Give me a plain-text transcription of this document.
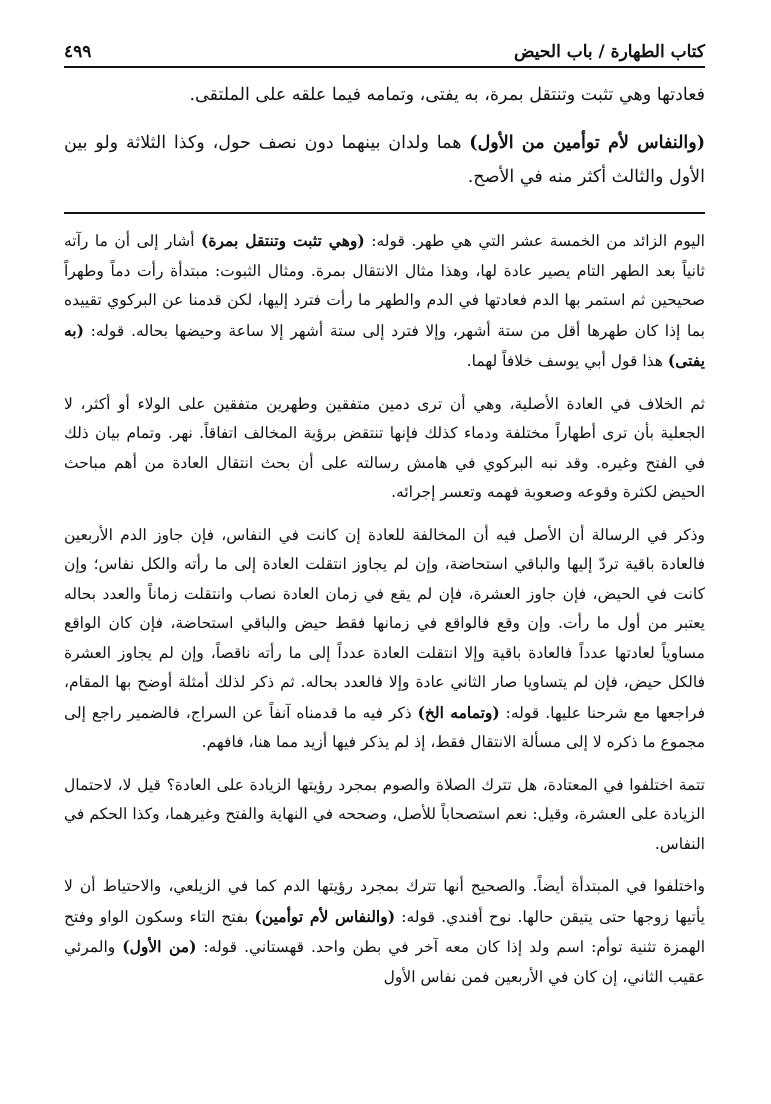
كتاب الطهارة / باب الحيض
٤٩٩

فعادتها وهي تثبت وتنتقل بمرة، به يفتى، وتمامه فيما علقه على الملتقى.

(والنفاس لأم توأمين من الأول) هما ولدان بينهما دون نصف حول، وكذا الثلاثة ولو بين الأول والثالث أكثر منه في الأصح.

اليوم الزائد من الخمسة عشر التي هي طهر. قوله: (وهي تثبت وتنتقل بمرة) أشار إلى أن ما رآته ثانياً بعد الطهر التام يصير عادة لها، وهذا مثال الانتقال بمرة. ومثال الثبوت: مبتدأة رأت دماً وطهراً صحيحين ثم استمر بها الدم فعادتها في الدم والطهر ما رأت فترد إليها، لكن قدمنا عن البركوي تقييده بما إذا كان طهرها أقل من ستة أشهر، وإلا فترد إلى ستة أشهر إلا ساعة وحيضها بحاله. قوله: (به يفتى) هذا قول أبي يوسف خلافاً لهما.

ثم الخلاف في العادة الأصلية، وهي أن ترى دمين متفقين وطهرين متفقين على الولاء أو أكثر، لا الجعلية بأن ترى أطهاراً مختلفة ودماء كذلك فإنها تنتقض برؤية المخالف اتفاقاً. نهر. وتمام بيان ذلك في الفتح وغيره. وقد نبه البركوي في هامش رسالته على أن بحث انتقال العادة من أهم مباحث الحيض لكثرة وقوعه وصعوبة فهمه وتعسر إجرائه.

وذكر في الرسالة أن الأصل فيه أن المخالفة للعادة إن كانت في النفاس، فإن جاوز الدم الأربعين فالعادة باقية تردّ إليها والباقي استحاضة، وإن لم يجاوز انتقلت العادة إلى ما رأته والكل نفاس؛ وإن كانت في الحيض، فإن جاوز العشرة، فإن لم يقع في زمان العادة نصاب وانتقلت زماناً والعدد بحاله يعتبر من أول ما رأت. وإن وقع فالواقع في زمانها فقط حيض والباقي استحاضة، فإن كان الواقع مساوياً لعادتها عدداً فالعادة باقية وإلا انتقلت العادة عدداً إلى ما رأته ناقصاً، وإن لم يجاوز العشرة فالكل حيض، فإن لم يتساويا صار الثاني عادة وإلا فالعدد بحاله. ثم ذكر لذلك أمثلة أوضح بها المقام، فراجعها مع شرحنا عليها. قوله: (وتمامه الخ) ذكر فيه ما قدمناه آنفاً عن السراج، فالضمير راجع إلى مجموع ما ذكره لا إلى مسألة الانتقال فقط، إذ لم يذكر فيها أزيد مما هنا، فافهم.

تتمة اختلفوا في المعتادة، هل تترك الصلاة والصوم بمجرد رؤيتها الزيادة على العادة؟ قيل لا، لاحتمال الزيادة على العشرة، وقيل: نعم استصحاباً للأصل، وصححه في النهاية والفتح وغيرهما، وكذا الحكم في النفاس.

واختلفوا في المبتدأة أيضاً. والصحيح أنها تترك بمجرد رؤيتها الدم كما في الزيلعي، والاحتياط أن لا يأتيها زوجها حتى يتيقن حالها. نوح أفندي. قوله: (والنفاس لأم توأمين) بفتح التاء وسكون الواو وفتح الهمزة تثنية توأم: اسم ولد إذا كان معه آخر في بطن واحد. قهستاني. قوله: (من الأول) والمرئي عقيب الثاني، إن كان في الأربعين فمن نفاس الأول
